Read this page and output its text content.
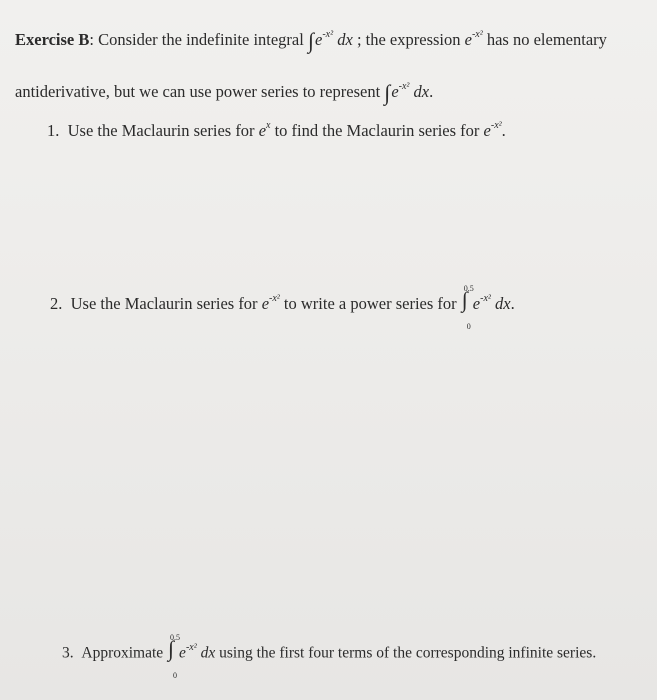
Exercise B: Consider the indefinite integral $\int e^{-x^2}$ dx ; the expression $e^{-x^2}$ has no elementary
antiderivative, but we can use power series to represent $\int e^{-x^2}$ dx.
1. Use the Maclaurin series for $e^x$ to find the Maclaurin series for $e^{-x^2}$.
2. Use the Maclaurin series for $e^{-x^2}$ to write a power series for
0.5
∫
0
$e^{-x^2}$ dx.
3. Approximate
0.5
∫
0
$e^{-x^2}$ dx using the first four terms of the corresponding infinite series.
